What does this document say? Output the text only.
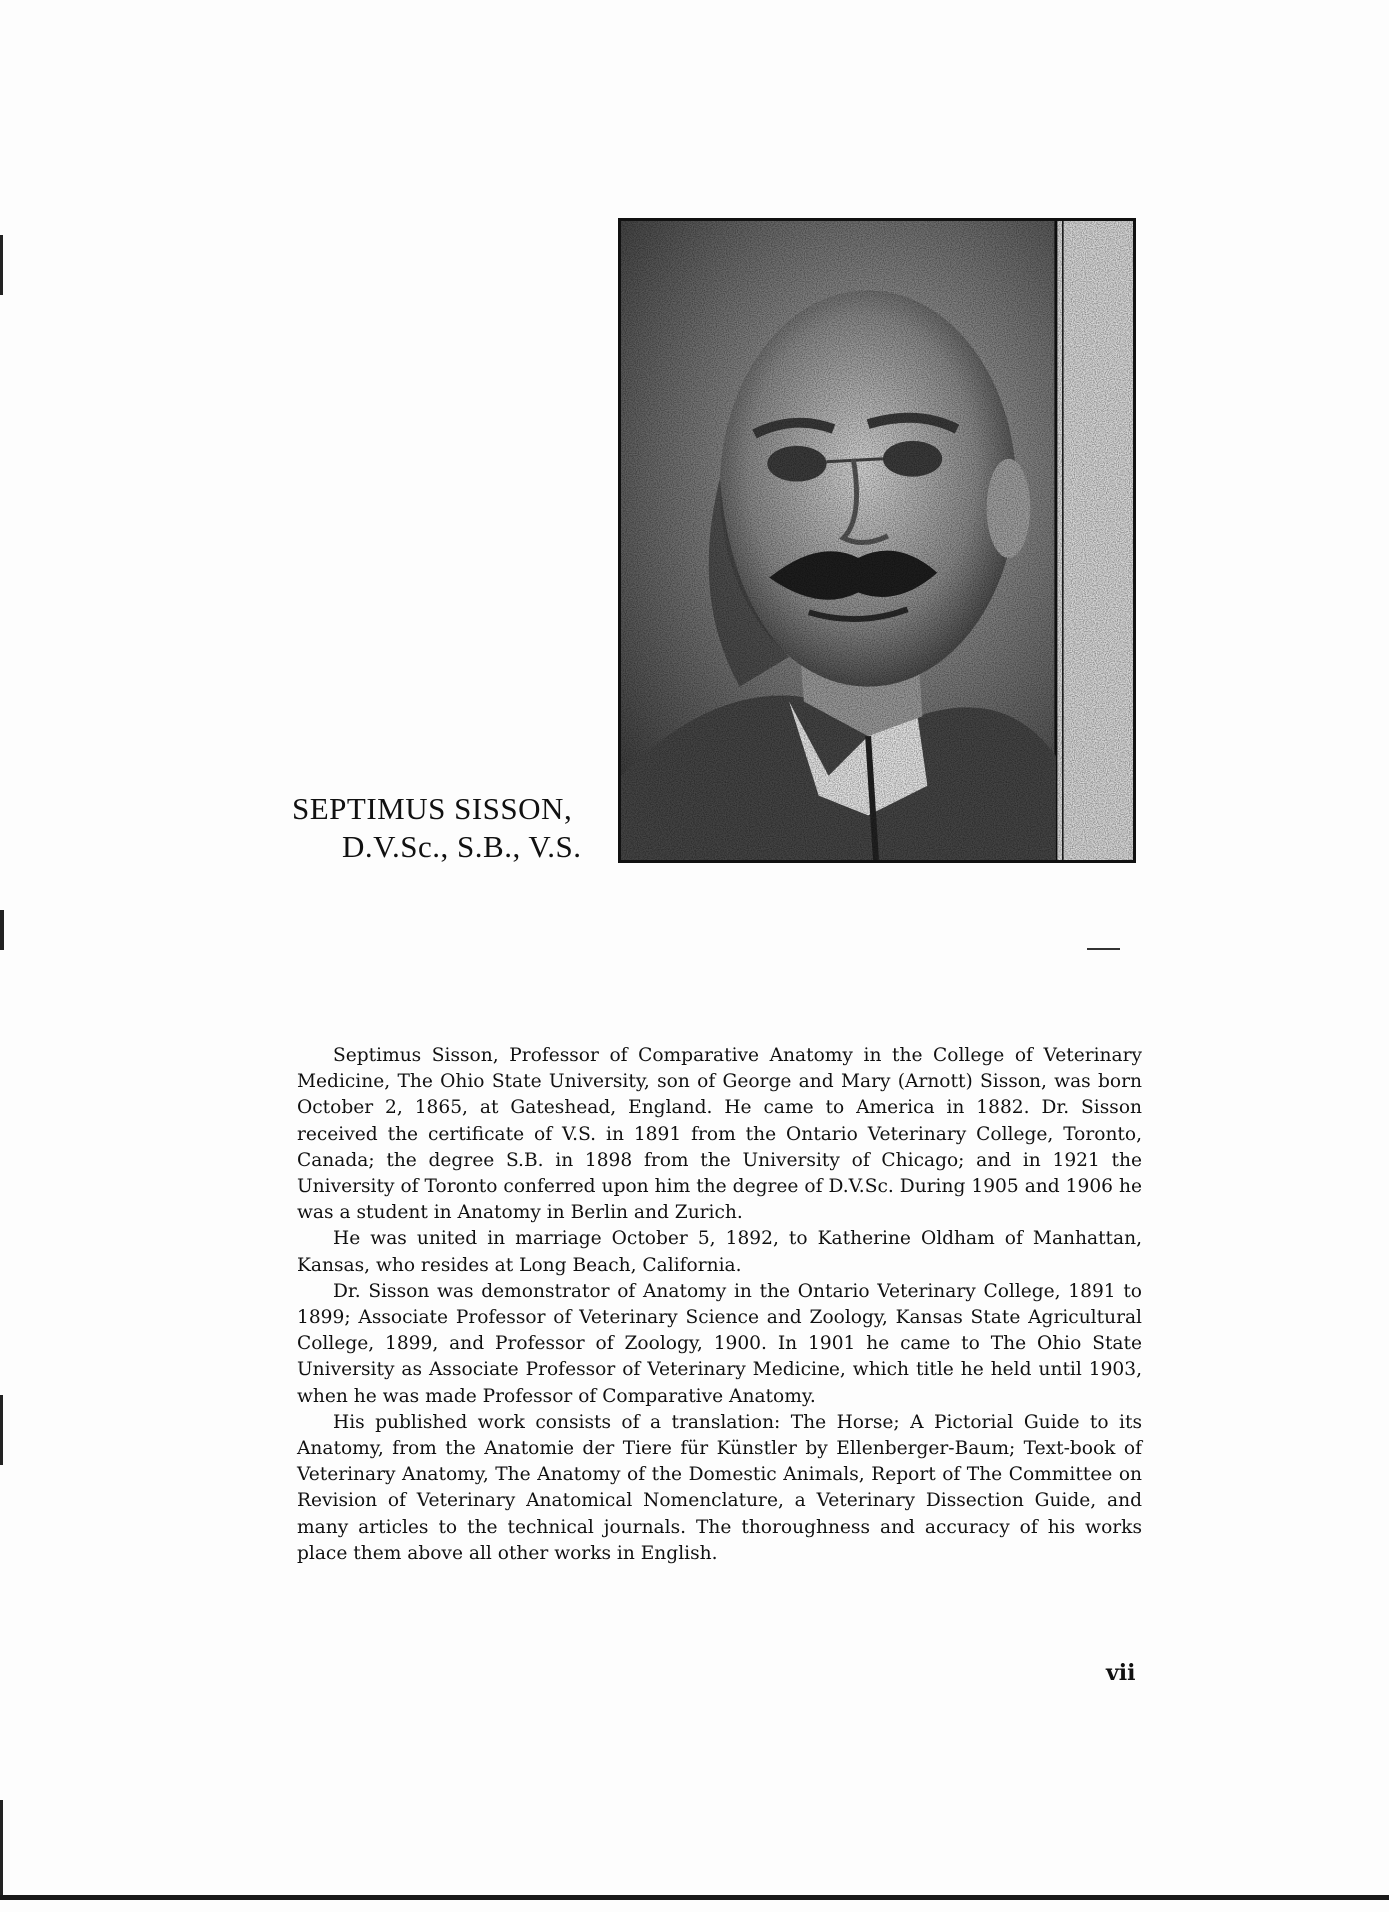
SEPTIMUS SISSON,
D.V.Sc., S.B., V.S.

Septimus Sisson, Professor of Comparative Anatomy in the College of Veterinary Medicine, The Ohio State University, son of George and Mary (Arnott) Sisson, was born October 2, 1865, at Gateshead, England. He came to America in 1882. Dr. Sisson received the certificate of V.S. in 1891 from the Ontario Veterinary College, Toronto, Canada; the degree S.B. in 1898 from the University of Chicago; and in 1921 the University of Toronto conferred upon him the degree of D.V.Sc. During 1905 and 1906 he was a student in Anatomy in Berlin and Zurich.

He was united in marriage October 5, 1892, to Katherine Oldham of Manhattan, Kansas, who resides at Long Beach, California.

Dr. Sisson was demonstrator of Anatomy in the Ontario Veterinary College, 1891 to 1899; Associate Professor of Veterinary Science and Zoology, Kansas State Agricultural College, 1899, and Professor of Zoology, 1900. In 1901 he came to The Ohio State University as Associate Professor of Veterinary Medicine, which title he held until 1903, when he was made Professor of Comparative Anatomy.

His published work consists of a translation: The Horse; A Pictorial Guide to its Anatomy, from the Anatomie der Tiere für Künstler by Ellenberger-Baum; Text-book of Veterinary Anatomy, The Anatomy of the Domestic Animals, Report of The Committee on Revision of Veterinary Anatomical Nomenclature, a Veterinary Dissection Guide, and many articles to the technical journals. The thoroughness and accuracy of his works place them above all other works in English.

vii
